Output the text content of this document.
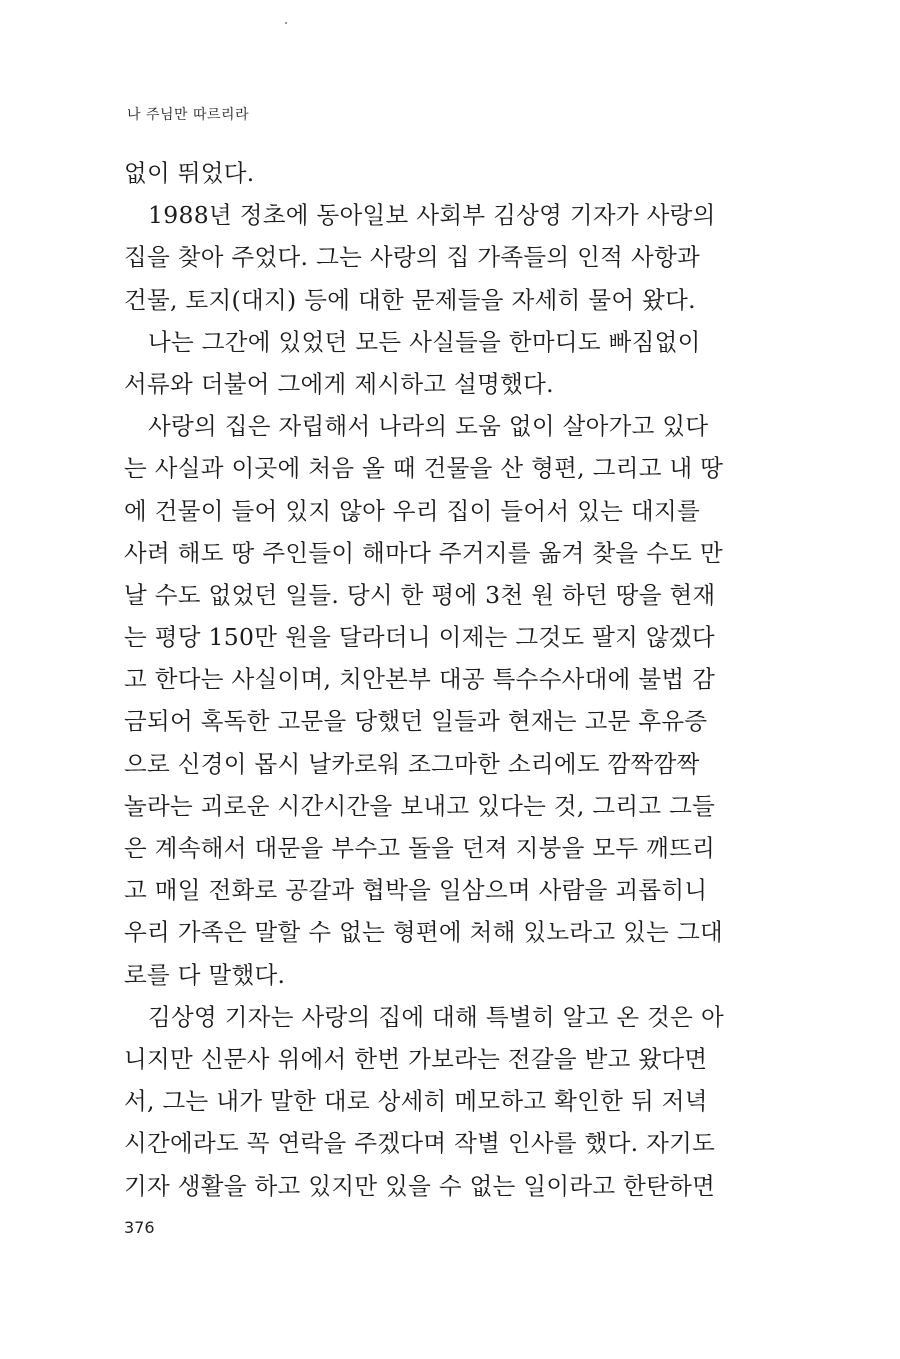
나 주님만 따르리라
없이 뛰었다.
1988년 정초에 동아일보 사회부 김상영 기자가 사랑의
집을 찾아 주었다. 그는 사랑의 집 가족들의 인적 사항과
건물, 토지(대지) 등에 대한 문제들을 자세히 물어 왔다.
나는 그간에 있었던 모든 사실들을 한마디도 빠짐없이
서류와 더불어 그에게 제시하고 설명했다.
사랑의 집은 자립해서 나라의 도움 없이 살아가고 있다
는 사실과 이곳에 처음 올 때 건물을 산 형편, 그리고 내 땅
에 건물이 들어 있지 않아 우리 집이 들어서 있는 대지를
사려 해도 땅 주인들이 해마다 주거지를 옮겨 찾을 수도 만
날 수도 없었던 일들. 당시 한 평에 3천 원 하던 땅을 현재
는 평당 150만 원을 달라더니 이제는 그것도 팔지 않겠다
고 한다는 사실이며, 치안본부 대공 특수수사대에 불법 감
금되어 혹독한 고문을 당했던 일들과 현재는 고문 후유증
으로 신경이 몹시 날카로워 조그마한 소리에도 깜짝깜짝
놀라는 괴로운 시간시간을 보내고 있다는 것, 그리고 그들
은 계속해서 대문을 부수고 돌을 던져 지붕을 모두 깨뜨리
고 매일 전화로 공갈과 협박을 일삼으며 사람을 괴롭히니
우리 가족은 말할 수 없는 형편에 처해 있노라고 있는 그대
로를 다 말했다.
김상영 기자는 사랑의 집에 대해 특별히 알고 온 것은 아
니지만 신문사 위에서 한번 가보라는 전갈을 받고 왔다면
서, 그는 내가 말한 대로 상세히 메모하고 확인한 뒤 저녁
시간에라도 꼭 연락을 주겠다며 작별 인사를 했다. 자기도
기자 생활을 하고 있지만 있을 수 없는 일이라고 한탄하면
376
